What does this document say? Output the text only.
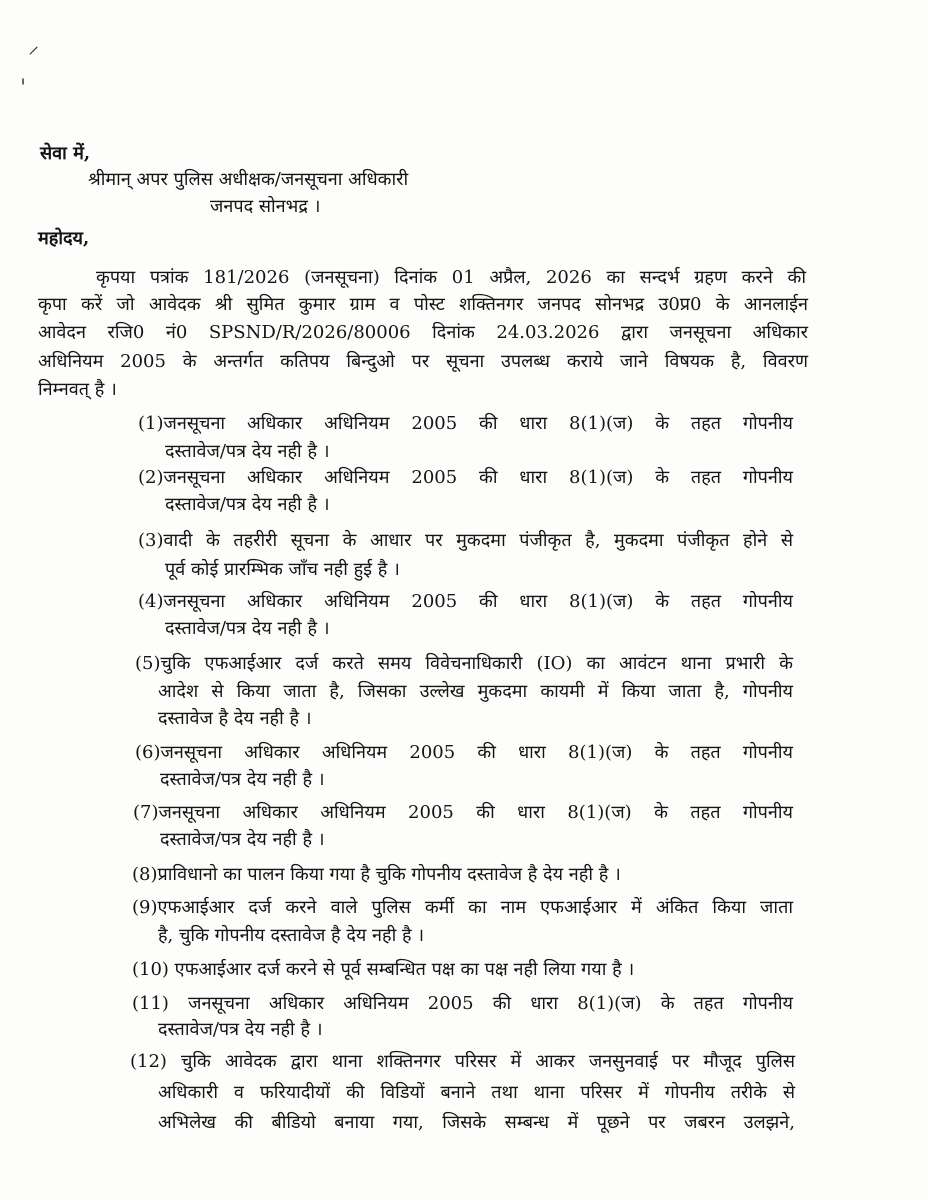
⸝
ˌ
सेवा में,
श्रीमान् अपर पुलिस अधीक्षक/जनसूचना अधिकारी
जनपद सोनभद्र ।
महोदय,
कृपया पत्रांक 181/2026 (जनसूचना) दिनांक 01 अप्रैल, 2026 का सन्दर्भ ग्रहण करने की
कृपा करें जो आवेदक श्री सुमित कुमार ग्राम व पोस्ट शक्तिनगर जनपद सोनभद्र उ0प्र0 के आनलाईन
आवेदन रजि0 नं0 SPSND/R/2026/80006 दिनांक 24.03.2026 द्वारा जनसूचना अधिकार
अधिनियम 2005 के अन्तर्गत कतिपय बिन्दुओ पर सूचना उपलब्ध कराये जाने विषयक है, विवरण
निम्नवत् है ।
(1)जनसूचना अधिकार अधिनियम 2005 की धारा 8(1)(ज) के तहत गोपनीय
दस्तावेज/पत्र देय नही है ।
(2)जनसूचना अधिकार अधिनियम 2005 की धारा 8(1)(ज) के तहत गोपनीय
दस्तावेज/पत्र देय नही है ।
(3)वादी के तहरीरी सूचना के आधार पर मुकदमा पंजीकृत है, मुकदमा पंजीकृत होने से
पूर्व कोई प्रारम्भिक जाँच नही हुई है ।
(4)जनसूचना अधिकार अधिनियम 2005 की धारा 8(1)(ज) के तहत गोपनीय
दस्तावेज/पत्र देय नही है ।
(5)चुकि एफआईआर दर्ज करते समय विवेचनाधिकारी (IO) का आवंटन थाना प्रभारी के
आदेश से किया जाता है, जिसका उल्लेख मुकदमा कायमी में किया जाता है, गोपनीय
दस्तावेज है देय नही है ।
(6)जनसूचना अधिकार अधिनियम 2005 की धारा 8(1)(ज) के तहत गोपनीय
दस्तावेज/पत्र देय नही है ।
(7)जनसूचना अधिकार अधिनियम 2005 की धारा 8(1)(ज) के तहत गोपनीय
दस्तावेज/पत्र देय नही है ।
(8)प्राविधानो का पालन किया गया है चुकि गोपनीय दस्तावेज है देय नही है ।
(9)एफआईआर दर्ज करने वाले पुलिस कर्मी का नाम एफआईआर में अंकित किया जाता
है, चुकि गोपनीय दस्तावेज है देय नही है ।
(10) एफआईआर दर्ज करने से पूर्व सम्बन्धित पक्ष का पक्ष नही लिया गया है ।
(11) जनसूचना अधिकार अधिनियम 2005 की धारा 8(1)(ज) के तहत गोपनीय
दस्तावेज/पत्र देय नही है ।
(12) चुकि आवेदक द्वारा थाना शक्तिनगर परिसर में आकर जनसुनवाई पर मौजूद पुलिस
अधिकारी व फरियादीयों की विडियों बनाने तथा थाना परिसर में गोपनीय तरीके से
अभिलेख की बीडियो बनाया गया, जिसके सम्बन्ध में पूछने पर जबरन उलझने,
